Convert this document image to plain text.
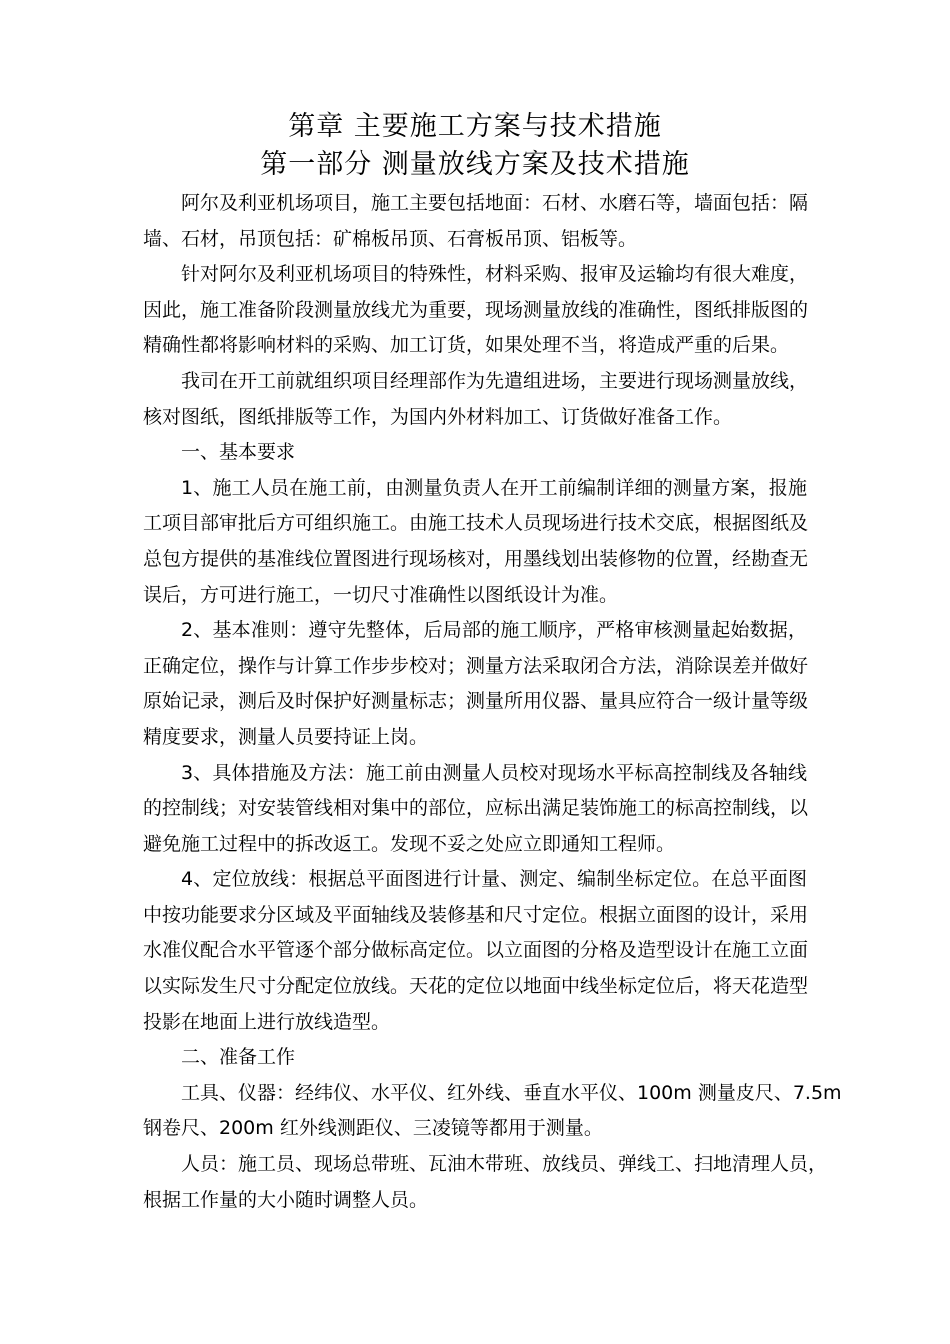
第章 主要施工方案与技术措施
第一部分 测量放线方案及技术措施
阿尔及利亚机场项目，施工主要包括地面：石材、水磨石等，墙面包括：隔
墙、石材，吊顶包括：矿棉板吊顶、石膏板吊顶、铝板等。
针对阿尔及利亚机场项目的特殊性，材料采购、报审及运输均有很大难度，
因此，施工准备阶段测量放线尤为重要，现场测量放线的准确性，图纸排版图的
精确性都将影响材料的采购、加工订货，如果处理不当，将造成严重的后果。
我司在开工前就组织项目经理部作为先遣组进场，主要进行现场测量放线，
核对图纸，图纸排版等工作，为国内外材料加工、订货做好准备工作。
一、基本要求
1、施工人员在施工前，由测量负责人在开工前编制详细的测量方案，报施
工项目部审批后方可组织施工。由施工技术人员现场进行技术交底，根据图纸及
总包方提供的基准线位置图进行现场核对，用墨线划出装修物的位置，经勘查无
误后，方可进行施工，一切尺寸准确性以图纸设计为准。
2、基本准则：遵守先整体，后局部的施工顺序，严格审核测量起始数据，
正确定位，操作与计算工作步步校对；测量方法采取闭合方法，消除误差并做好
原始记录，测后及时保护好测量标志；测量所用仪器、量具应符合一级计量等级
精度要求，测量人员要持证上岗。
3、具体措施及方法：施工前由测量人员校对现场水平标高控制线及各轴线
的控制线；对安装管线相对集中的部位，应标出满足装饰施工的标高控制线，以
避免施工过程中的拆改返工。发现不妥之处应立即通知工程师。
4、定位放线：根据总平面图进行计量、测定、编制坐标定位。在总平面图
中按功能要求分区域及平面轴线及装修基和尺寸定位。根据立面图的设计，采用
水准仪配合水平管逐个部分做标高定位。以立面图的分格及造型设计在施工立面
以实际发生尺寸分配定位放线。天花的定位以地面中线坐标定位后，将天花造型
投影在地面上进行放线造型。
二、准备工作
工具、仪器：经纬仪、水平仪、红外线、垂直水平仪、100m 测量皮尺、7.5m
钢卷尺、200m 红外线测距仪、三凌镜等都用于测量。
人员：施工员、现场总带班、瓦油木带班、放线员、弹线工、扫地清理人员，
根据工作量的大小随时调整人员。
